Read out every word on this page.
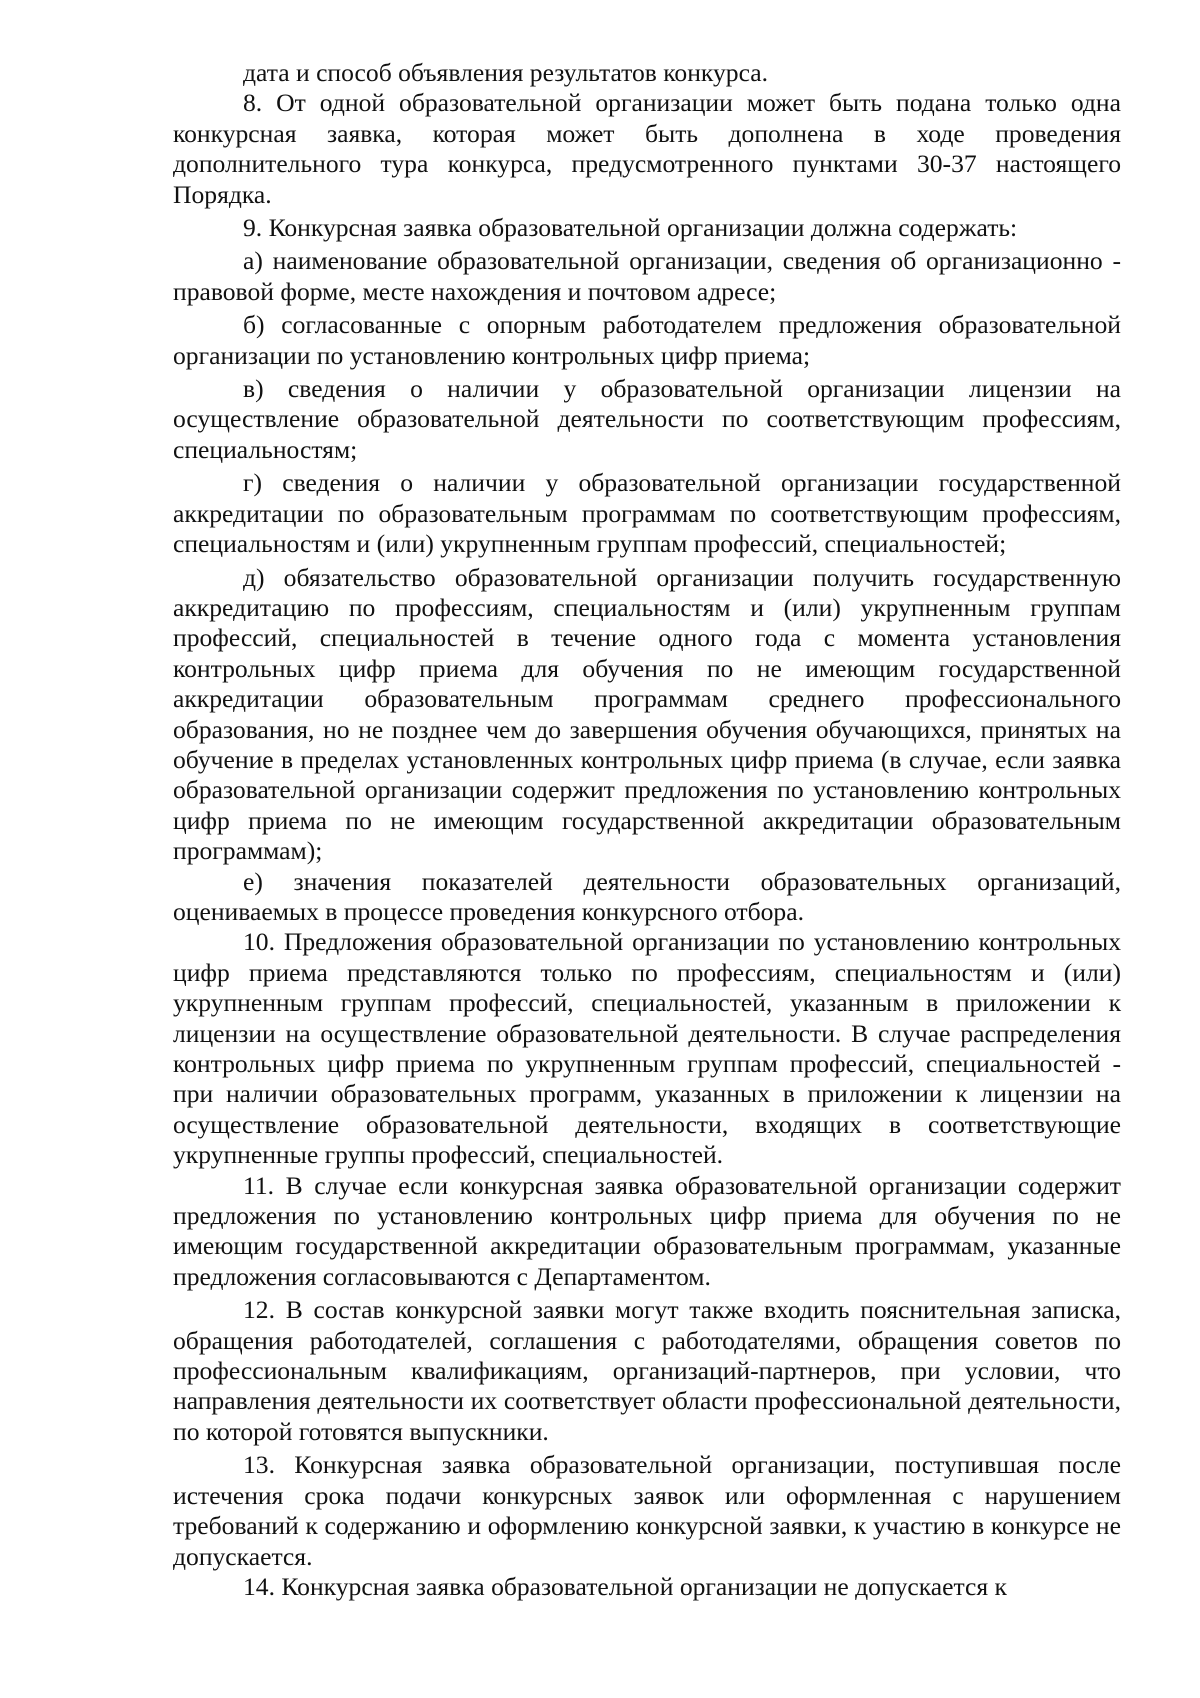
дата и способ объявления результатов конкурса.

8. От одной образовательной организации может быть подана только одна конкурсная заявка, которая может быть дополнена в ходе проведения дополнительного тура конкурса, предусмотренного пунктами 30-37 настоящего Порядка.

9. Конкурсная заявка образовательной организации должна содержать:

а) наименование образовательной организации, сведения об организационно - правовой форме, месте нахождения и почтовом адресе;

б) согласованные с опорным работодателем предложения образовательной организации по установлению контрольных цифр приема;

в) сведения о наличии у образовательной организации лицензии на осуществление образовательной деятельности по соответствующим профессиям, специальностям;

г) сведения о наличии у образовательной организации государственной аккредитации по образовательным программам по соответствующим профессиям, специальностям и (или) укрупненным группам профессий, специальностей;

д) обязательство образовательной организации получить государственную аккредитацию по профессиям, специальностям и (или) укрупненным группам профессий, специальностей в течение одного года с момента установления контрольных цифр приема для обучения по не имеющим государственной аккредитации образовательным программам среднего профессионального образования, но не позднее чем до завершения обучения обучающихся, принятых на обучение в пределах установленных контрольных цифр приема (в случае, если заявка образовательной организации содержит предложения по установлению контрольных цифр приема по не имеющим государственной аккредитации образовательным программам);

е) значения показателей деятельности образовательных организаций, оцениваемых в процессе проведения конкурсного отбора.

10. Предложения образовательной организации по установлению контрольных цифр приема представляются только по профессиям, специальностям и (или) укрупненным группам профессий, специальностей, указанным в приложении к лицензии на осуществление образовательной деятельности. В случае распределения контрольных цифр приема по укрупненным группам профессий, специальностей - при наличии образовательных программ, указанных в приложении к лицензии на осуществление образовательной деятельности, входящих в соответствующие укрупненные группы профессий, специальностей.

11. В случае если конкурсная заявка образовательной организации содержит предложения по установлению контрольных цифр приема для обучения по не имеющим государственной аккредитации образовательным программам, указанные предложения согласовываются с Департаментом.

12. В состав конкурсной заявки могут также входить пояснительная записка, обращения работодателей, соглашения с работодателями, обращения советов по профессиональным квалификациям, организаций-партнеров, при условии, что направления деятельности их соответствует области профессиональной деятельности, по которой готовятся выпускники.

13. Конкурсная заявка образовательной организации, поступившая после истечения срока подачи конкурсных заявок или оформленная с нарушением требований к содержанию и оформлению конкурсной заявки, к участию в конкурсе не допускается.

14. Конкурсная заявка образовательной организации не допускается к
